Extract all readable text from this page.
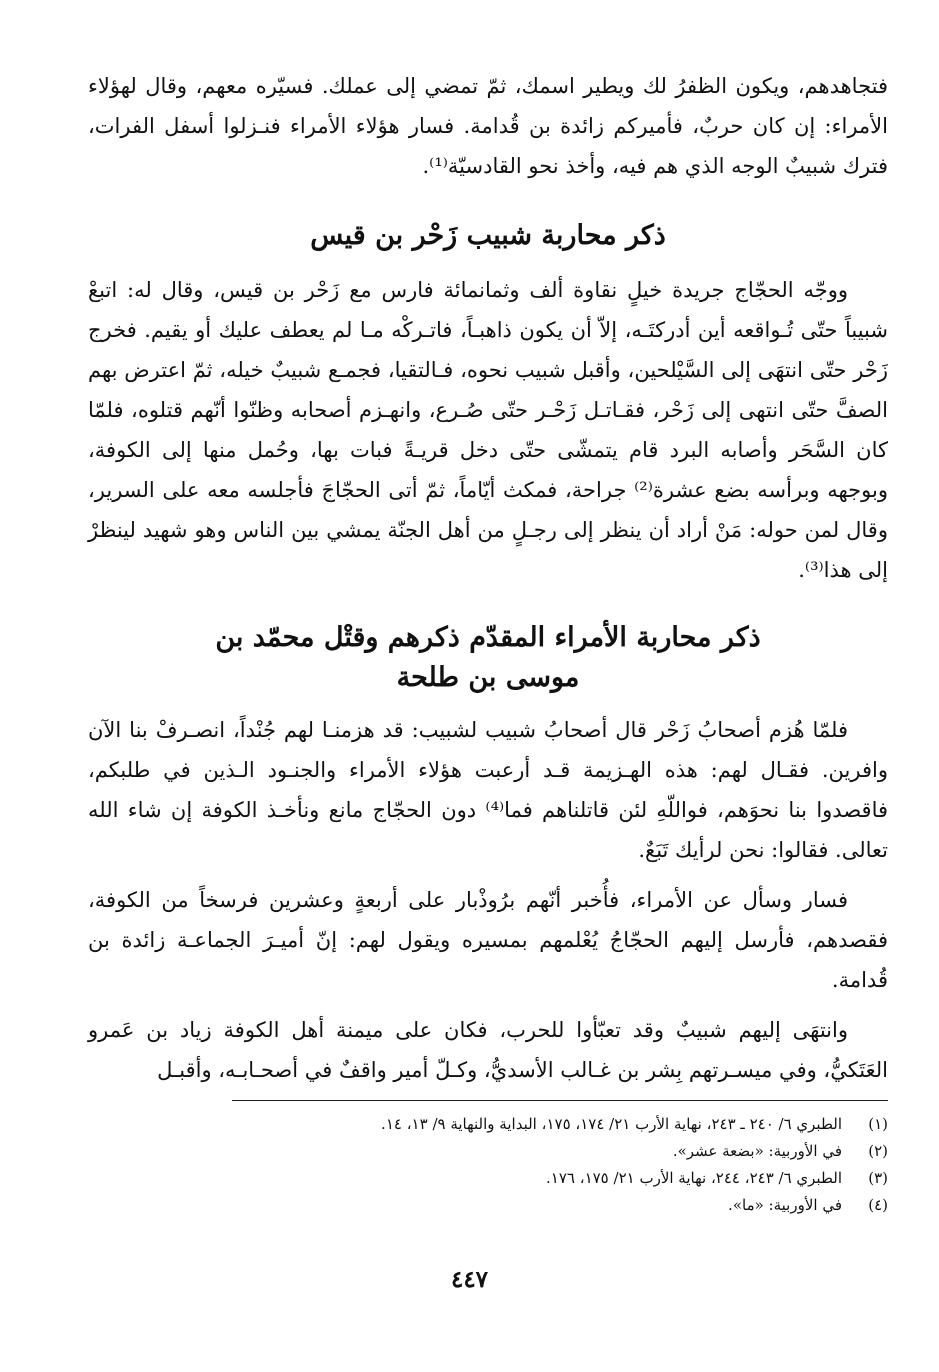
فتجاهدهم، ويكون الظفرُ لك ويطير اسمك، ثمّ تمضي إلى عملك. فسيّره معهم، وقال لهؤلاء الأمراء: إن كان حربٌ، فأميركم زائدة بن قُدامة. فسار هؤلاء الأمراء فنـزلوا أسفل الفرات، فترك شبيبٌ الوجه الذي هم فيه، وأخذ نحو القادسيّة⁽¹⁾.

ذكر محاربة شبيب زَحْر بن قيس

ووجّه الحجّاج جريدة خيلٍ نقاوة ألف وثمانمائة فارس مع زَحْر بن قيس، وقال له: اتبعْ شبيباً حتّى تُـواقعه أين أدركتَـه، إلاّ أن يكون ذاهبـاً، فاتـركْه مـا لم يعطف عليك أو يقيم. فخرج زَحْر حتّى انتهَى إلى السَّيْلحين، وأقبل شبيب نحوه، فـالتقيا، فجمـع شبيبٌ خيله، ثمّ اعترض بهم الصفَّ حتّى انتهى إلى زَحْر، فقـاتـل زَحْـر حتّى صُـرع، وانهـزم أصحابه وظنّوا أنّهم قتلوه، فلمّا كان السَّحَر وأصابه البرد قام يتمشّى حتّى دخل قريـةً فبات بها، وحُمل منها إلى الكوفة، وبوجهه وبرأسه بضع عشرة⁽²⁾ جراحة، فمكث أيّاماً، ثمّ أتى الحجّاجَ فأجلسه معه على السرير، وقال لمن حوله: مَنْ أراد أن ينظر إلى رجـلٍ من أهل الجنّة يمشي بين الناس وهو شهيد لينظرْ إلى هذا⁽³⁾.

ذكر محاربة الأمراء المقدّم ذكرهم وقتْل محمّد بن
موسى بن طلحة

فلمّا هُزم أصحابُ زَحْر قال أصحابُ شبيب لشبيب: قد هزمنـا لهم جُنْداً، انصـرفْ بنا الآن وافرين. فقـال لهم: هذه الهـزيمة قـد أرعبت هؤلاء الأمراء والجنـود الـذين في طلبكم، فاقصدوا بنا نحوَهم، فواللّهِ لئن قاتلناهم فما⁽⁴⁾ دون الحجّاج مانع ونأخـذ الكوفة إن شاء الله تعالى. فقالوا: نحن لرأيك تَبَعٌ.

فسار وسأل عن الأمراء، فأُخبر أنّهم برُوذْبار على أربعةٍ وعشرين فرسخاً من الكوفة، فقصدهم، فأرسل إليهم الحجّاجُ يُعْلمهم بمسيره ويقول لهم: إنّ أميـرَ الجماعـة زائدة بن قُدامة.

وانتهَى إليهم شبيبٌ وقد تعبّأوا للحرب، فكان على ميمنة أهل الكوفة زياد بن عَمرو العَتَكيُّ، وفي ميسـرتهم بِشر بن غـالب الأسديُّ، وكـلّ أمير واقفٌ في أصحـابـه، وأقبـل

(١)
الطبري ٦/ ٢٤٠ ـ ٢٤٣، نهاية الأرب ٢١/ ١٧٤، ١٧٥، البداية والنهاية ٩/ ١٣، ١٤.
(٢)
في الأوربية: «بضعة عشر».
(٣)
الطبري ٦/ ٢٤٣، ٢٤٤، نهاية الأرب ٢١/ ١٧٥، ١٧٦.
(٤)
في الأوربية: «ما».
٤٤٧
